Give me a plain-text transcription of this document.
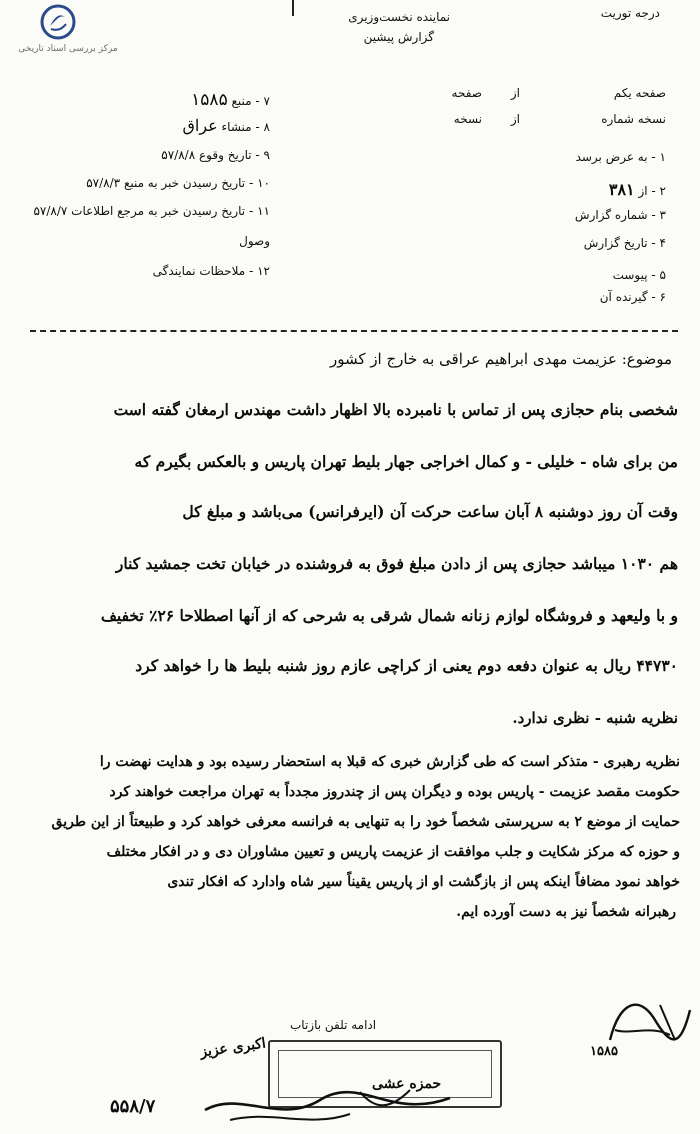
مرکز بررسی اسناد تاریخی
درجه توریت
نماینده نخست‌وزیری
گزارش پیشین
صفحه یکم
از
صفحه
نسخه شماره
از
نسخه
۱ - به عرض برسد
۲ - از ۳۸۱
۳ - شماره گزارش
۴ - تاریخ گزارش
۵ - پیوست
۶ - گیرنده آن
۷ - منبع ۱۵۸۵
۸ - منشاء عراق
۹ - تاریخ وقوع ۵۷/۸/۸
۱۰ - تاریخ رسیدن خبر به منبع ۵۷/۸/۳
۱۱ - تاریخ رسیدن خبر به مرجع اطلاعات ۵۷/۸/۷
وصول
۱۲ - ملاحظات نمایندگی
موضوع: عزیمت مهدی ابراهیم عراقی به خارج از کشور
شخصی بنام حجازی پس از تماس با نامبرده بالا اظهار داشت مهندس ارمغان گفته است
من برای شاه - خلیلی - و کمال اخراجی جهار بلیط تهران پاریس و بالعکس بگیرم که
وقت آن روز دوشنبه ۸ آبان ساعت حرکت آن (ایرفرانس) می‌باشد و مبلغ کل
هم ۱۰۳۰ میباشد حجازی پس از دادن مبلغ فوق به فروشنده در خیابان تخت جمشید کنار
و با ولیعهد و فروشگاه لوازم زنانه شمال شرقی به شرحی که از آنها اصطلاحا ۲۶٪ تخفیف
۴۴۷۳۰ ریال به عنوان دفعه دوم یعنی از کراچی عازم روز شنبه بلیط ها را خواهد کرد
نظریه شنبه - نظری ندارد.
نظریه رهبری - متذکر است که طی گزارش خبری که قبلا به استحضار رسیده بود و هدایت نهضت را
حکومت مقصد عزیمت - پاریس بوده و دیگران پس از چندروز مجدداً به تهران مراجعت خواهند کرد
حمایت از موضع ۲ به سرپرستی شخصاً خود را به تنهایی به فرانسه معرفی خواهد کرد و طبیعتاً از این طریق
و حوزه که مرکز شکایت و جلب موافقت از عزیمت پاریس و تعیین مشاوران دی و در افکار مختلف
خواهد نمود مضافاً اینکه پس از بازگشت او از پاریس یقیناً سیر شاه وادارد که افکار تندی
رهبرانه شخصاً نیز به دست آورده ایم.
ادامه تلفن بازتاب
۱۵۸۵
حمزه عشی
۵۵۸/۷
اکبری عزیز
